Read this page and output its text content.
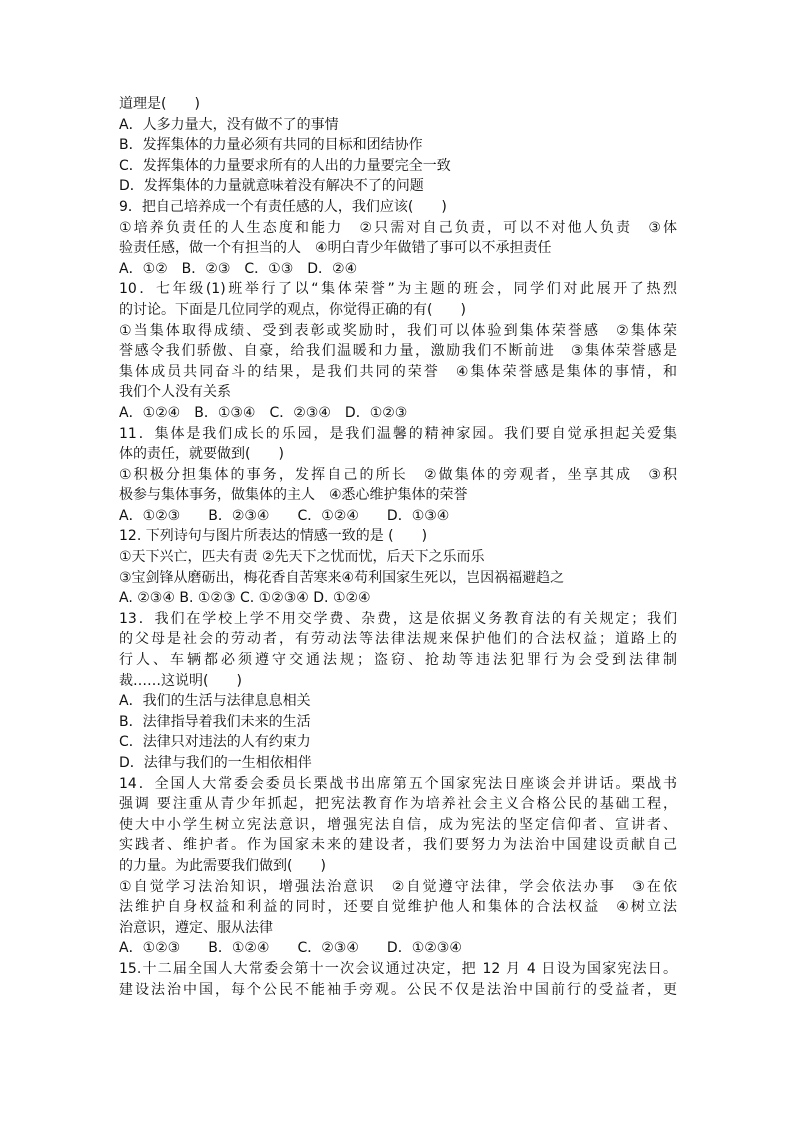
道理是(　　)
A．人多力量大，没有做不了的事情
B．发挥集体的力量必须有共同的目标和团结协作
C．发挥集体的力量要求所有的人出的力量要完全一致
D．发挥集体的力量就意味着没有解决不了的问题
9．把自己培养成一个有责任感的人，我们应该(　　)
①培养负责任的人生态度和能力　②只需对自己负责，可以不对他人负责　③体
验责任感，做一个有担当的人　④明白青少年做错了事可以不承担责任
A．①②　B．②③　C．①③　D．②④
10．七年级(1)班举行了以“集体荣誉”为主题的班会，同学们对此展开了热烈
的讨论。下面是几位同学的观点，你觉得正确的有(　　)
①当集体取得成绩、受到表彰或奖励时，我们可以体验到集体荣誉感　②集体荣
誉感令我们骄傲、自豪，给我们温暖和力量，激励我们不断前进　③集体荣誉感是
集体成员共同奋斗的结果，是我们共同的荣誉　④集体荣誉感是集体的事情，和
我们个人没有关系
A．①②④　B．①③④　C．②③④　D．①②③
11．集体是我们成长的乐园，是我们温馨的精神家园。我们要自觉承担起关爱集
体的责任，就要做到(　　)
①积极分担集体的事务，发挥自己的所长　②做集体的旁观者，坐享其成　③积
极参与集体事务，做集体的主人　④悉心维护集体的荣誉
A．①②③　　B．②③④　　C．①②④　　D．①③④
12. 下列诗句与图片所表达的情感一致的是 (　　)
①天下兴亡，匹夫有责 ②先天下之忧而忧，后天下之乐而乐
③宝剑锋从磨砺出，梅花香自苦寒来④苟利国家生死以，岂因祸福避趋之
A. ②③④ B. ①②③ C. ①②③④ D. ①②④
13．我们在学校上学不用交学费、杂费，这是依据义务教育法的有关规定；我们
的父母是社会的劳动者，有劳动法等法律法规来保护他们的合法权益；道路上的
行人、车辆都必须遵守交通法规；盗窃、抢劫等违法犯罪行为会受到法律制
裁……这说明(　　)
A．我们的生活与法律息息相关
B．法律指导着我们未来的生活
C．法律只对违法的人有约束力
D．法律与我们的一生相依相伴
14．全国人大常委会委员长栗战书出席第五个国家宪法日座谈会并讲话。栗战书
强调 要注重从青少年抓起，把宪法教育作为培养社会主义合格公民的基础工程，
使大中小学生树立宪法意识，增强宪法自信，成为宪法的坚定信仰者、宣讲者、
实践者、维护者。作为国家未来的建设者，我们要努力为法治中国建设贡献自己
的力量。为此需要我们做到(　　)
①自觉学习法治知识，增强法治意识　②自觉遵守法律，学会依法办事　③在依
法维护自身权益和利益的同时，还要自觉维护他人和集体的合法权益　④树立法
治意识，遵定、服从法律
A．①②③　　B．①②④　　C．②③④　　D．①②③④
15.十二届全国人大常委会第十一次会议通过决定，把 12 月 4 日设为国家宪法日。
建设法治中国，每个公民不能袖手旁观。公民不仅是法治中国前行的受益者，更
